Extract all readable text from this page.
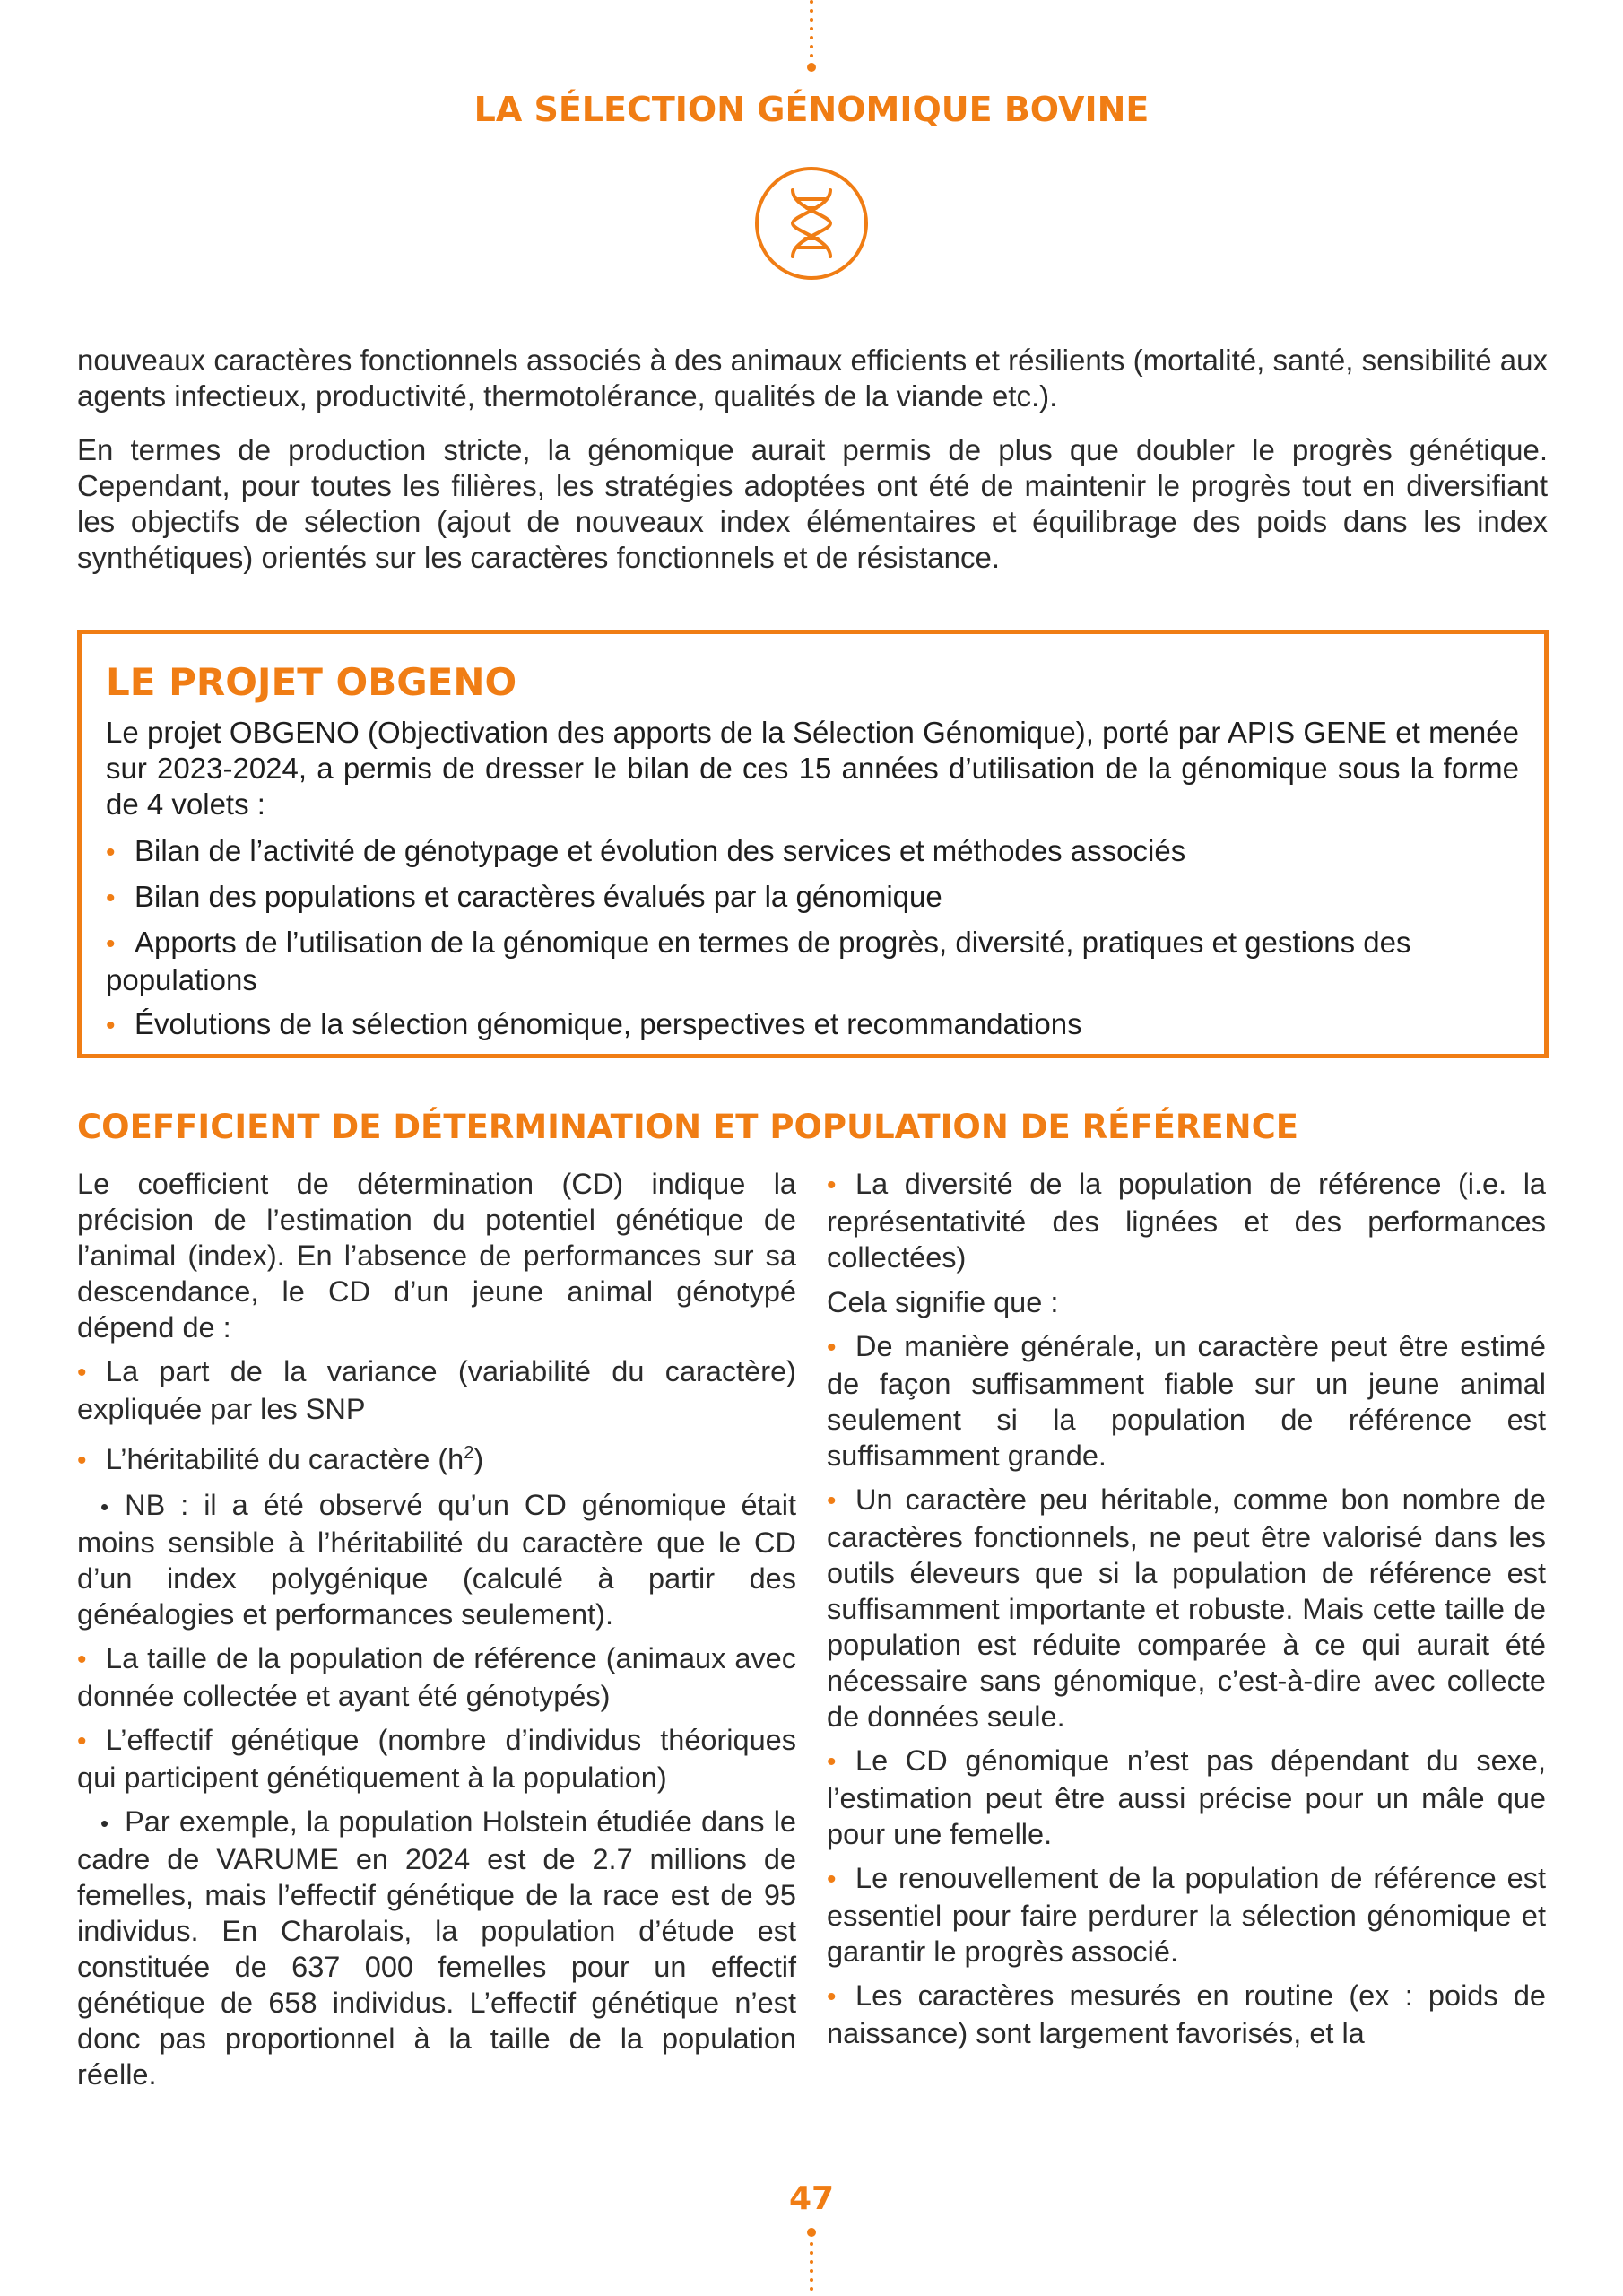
LA SÉLECTION GÉNOMIQUE BOVINE

nouveaux caractères fonctionnels associés à des animaux efficients et résilients (mortalité, santé, sensibilité aux agents infectieux, productivité, thermotolérance, qualités de la viande etc.).

En termes de production stricte, la génomique aurait permis de plus que doubler le progrès génétique. Cependant, pour toutes les filières, les stratégies adoptées ont été de maintenir le progrès tout en diversifiant les objectifs de sélection (ajout de nouveaux index élémentaires et équilibrage des poids dans les index synthétiques) orientés sur les caractères fonctionnels et de résistance.

LE PROJET OBGENO

Le projet OBGENO (Objectivation des apports de la Sélection Génomique), porté par APIS GENE et menée sur 2023-2024, a permis de dresser le bilan de ces 15 années d’utilisation de la génomique sous la forme de 4 volets :

• Bilan de l’activité de génotypage et évolution des services et méthodes associés
• Bilan des populations et caractères évalués par la génomique
• Apports de l’utilisation de la génomique en termes de progrès, diversité, pratiques et gestions des populations
• Évolutions de la sélection génomique, perspectives et recommandations
COEFFICIENT DE DÉTERMINATION ET POPULATION DE RÉFÉRENCE

Le coefficient de détermination (CD) indique la précision de l’estimation du potentiel génétique de l’animal (index). En l’absence de performances sur sa descendance, le CD d’un jeune animal génotypé dépend de :

• La part de la variance (variabilité du caractère) expliquée par les SNP

• L’héritabilité du caractère $(h^2)$

• NB : il a été observé qu’un CD génomique était moins sensible à l’héritabilité du caractère que le CD d’un index polygénique (calculé à partir des généalogies et performances seulement).

• La taille de la population de référence (animaux avec donnée collectée et ayant été génotypés)

• L’effectif génétique (nombre d’individus théoriques qui participent génétiquement à la population)

• Par exemple, la population Holstein étudiée dans le cadre de VARUME en 2024 est de 2.7 millions de femelles, mais l’effectif génétique de la race est de 95 individus. En Charolais, la population d’étude est constituée de 637 000 femelles pour un effectif génétique de 658 individus. L’effectif génétique n’est donc pas proportionnel à la taille de la population réelle.

• La diversité de la population de référence (i.e. la représentativité des lignées et des performances collectées)

Cela signifie que :

• De manière générale, un caractère peut être estimé de façon suffisamment fiable sur un jeune animal seulement si la population de référence est suffisamment grande.

• Un caractère peu héritable, comme bon nombre de caractères fonctionnels, ne peut être valorisé dans les outils éleveurs que si la population de référence est suffisamment importante et robuste. Mais cette taille de population est réduite comparée à ce qui aurait été nécessaire sans génomique, c’est-à-dire avec collecte de données seule.

• Le CD génomique n’est pas dépendant du sexe, l’estimation peut être aussi précise pour un mâle que pour une femelle.

• Le renouvellement de la population de référence est essentiel pour faire perdurer la sélection génomique et garantir le progrès associé.

• Les caractères mesurés en routine (ex : poids de naissance) sont largement favorisés, et la

47
